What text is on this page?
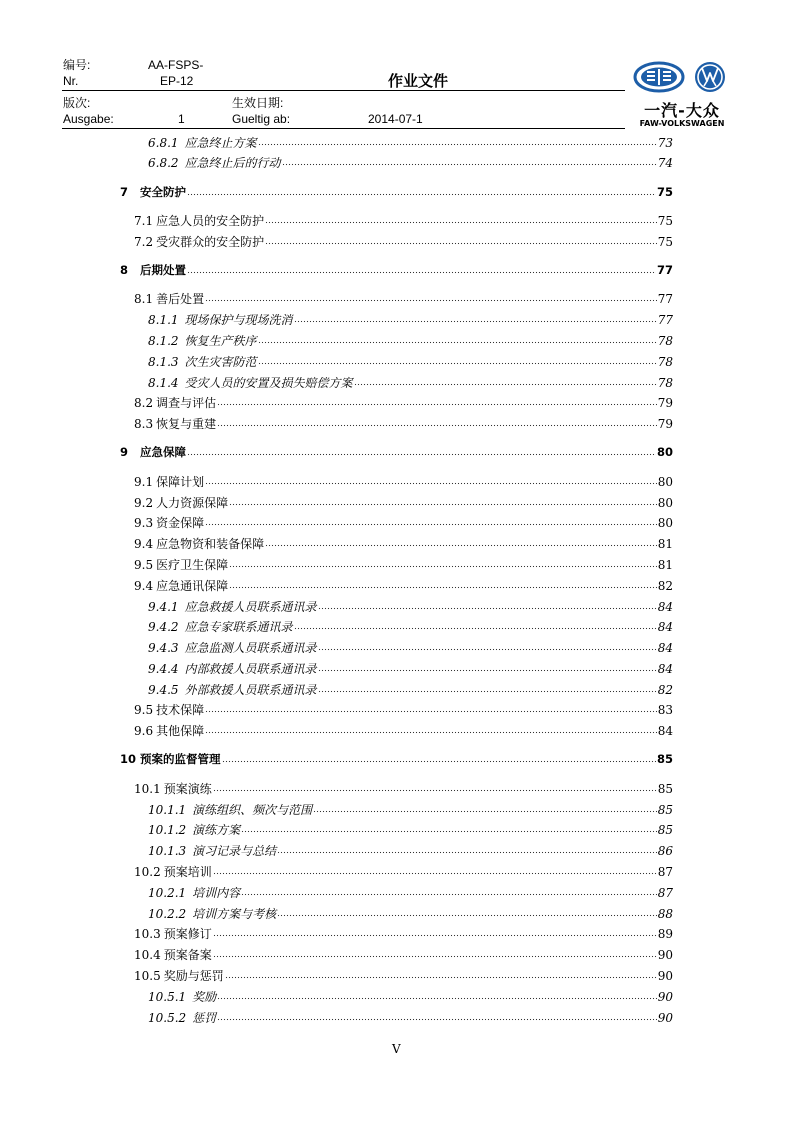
编号:
Nr.
AA-FSPS-
EP-12	作业文件
版次:
Ausgabe:	1
生效日期:
Gueltig ab:	2014-07-1	一汽-大众
FAW-VOLKSWAGEN
6.8.1 应急终止方案	73
6.8.2 应急终止后的行动	74
7	安全防护	75
7.1 应急人员的安全防护	75
7.2 受灾群众的安全防护	75
8	后期处置	77
8.1 善后处置	77
8.1.1 现场保护与现场洗消	77
8.1.2 恢复生产秩序	78
8.1.3 次生灾害防范	78
8.1.4 受灾人员的安置及损失赔偿方案	78
8.2 调查与评估	79
8.3 恢复与重建	79
9	应急保障	80
9.1 保障计划	80
9.2 人力资源保障	80
9.3 资金保障	80
9.4 应急物资和装备保障	81
9.5 医疗卫生保障	81
9.4 应急通讯保障	82
9.4.1 应急救援人员联系通讯录	84
9.4.2 应急专家联系通讯录	84
9.4.3 应急监测人员联系通讯录	84
9.4.4 内部救援人员联系通讯录	84
9.4.5 外部救援人员联系通讯录	82
9.5 技术保障	83
9.6 其他保障	84
10 预案的监督管理	85
10.1 预案演练	85
10.1.1 演练组织、频次与范围	85
10.1.2 演练方案	85
10.1.3 演习记录与总结	86
10.2 预案培训	87
10.2.1 培训内容	87
10.2.2 培训方案与考核	88
10.3 预案修订	89
10.4 预案备案	90
10.5 奖励与惩罚	90
10.5.1 奖励	90
10.5.2 惩罚	90
V
